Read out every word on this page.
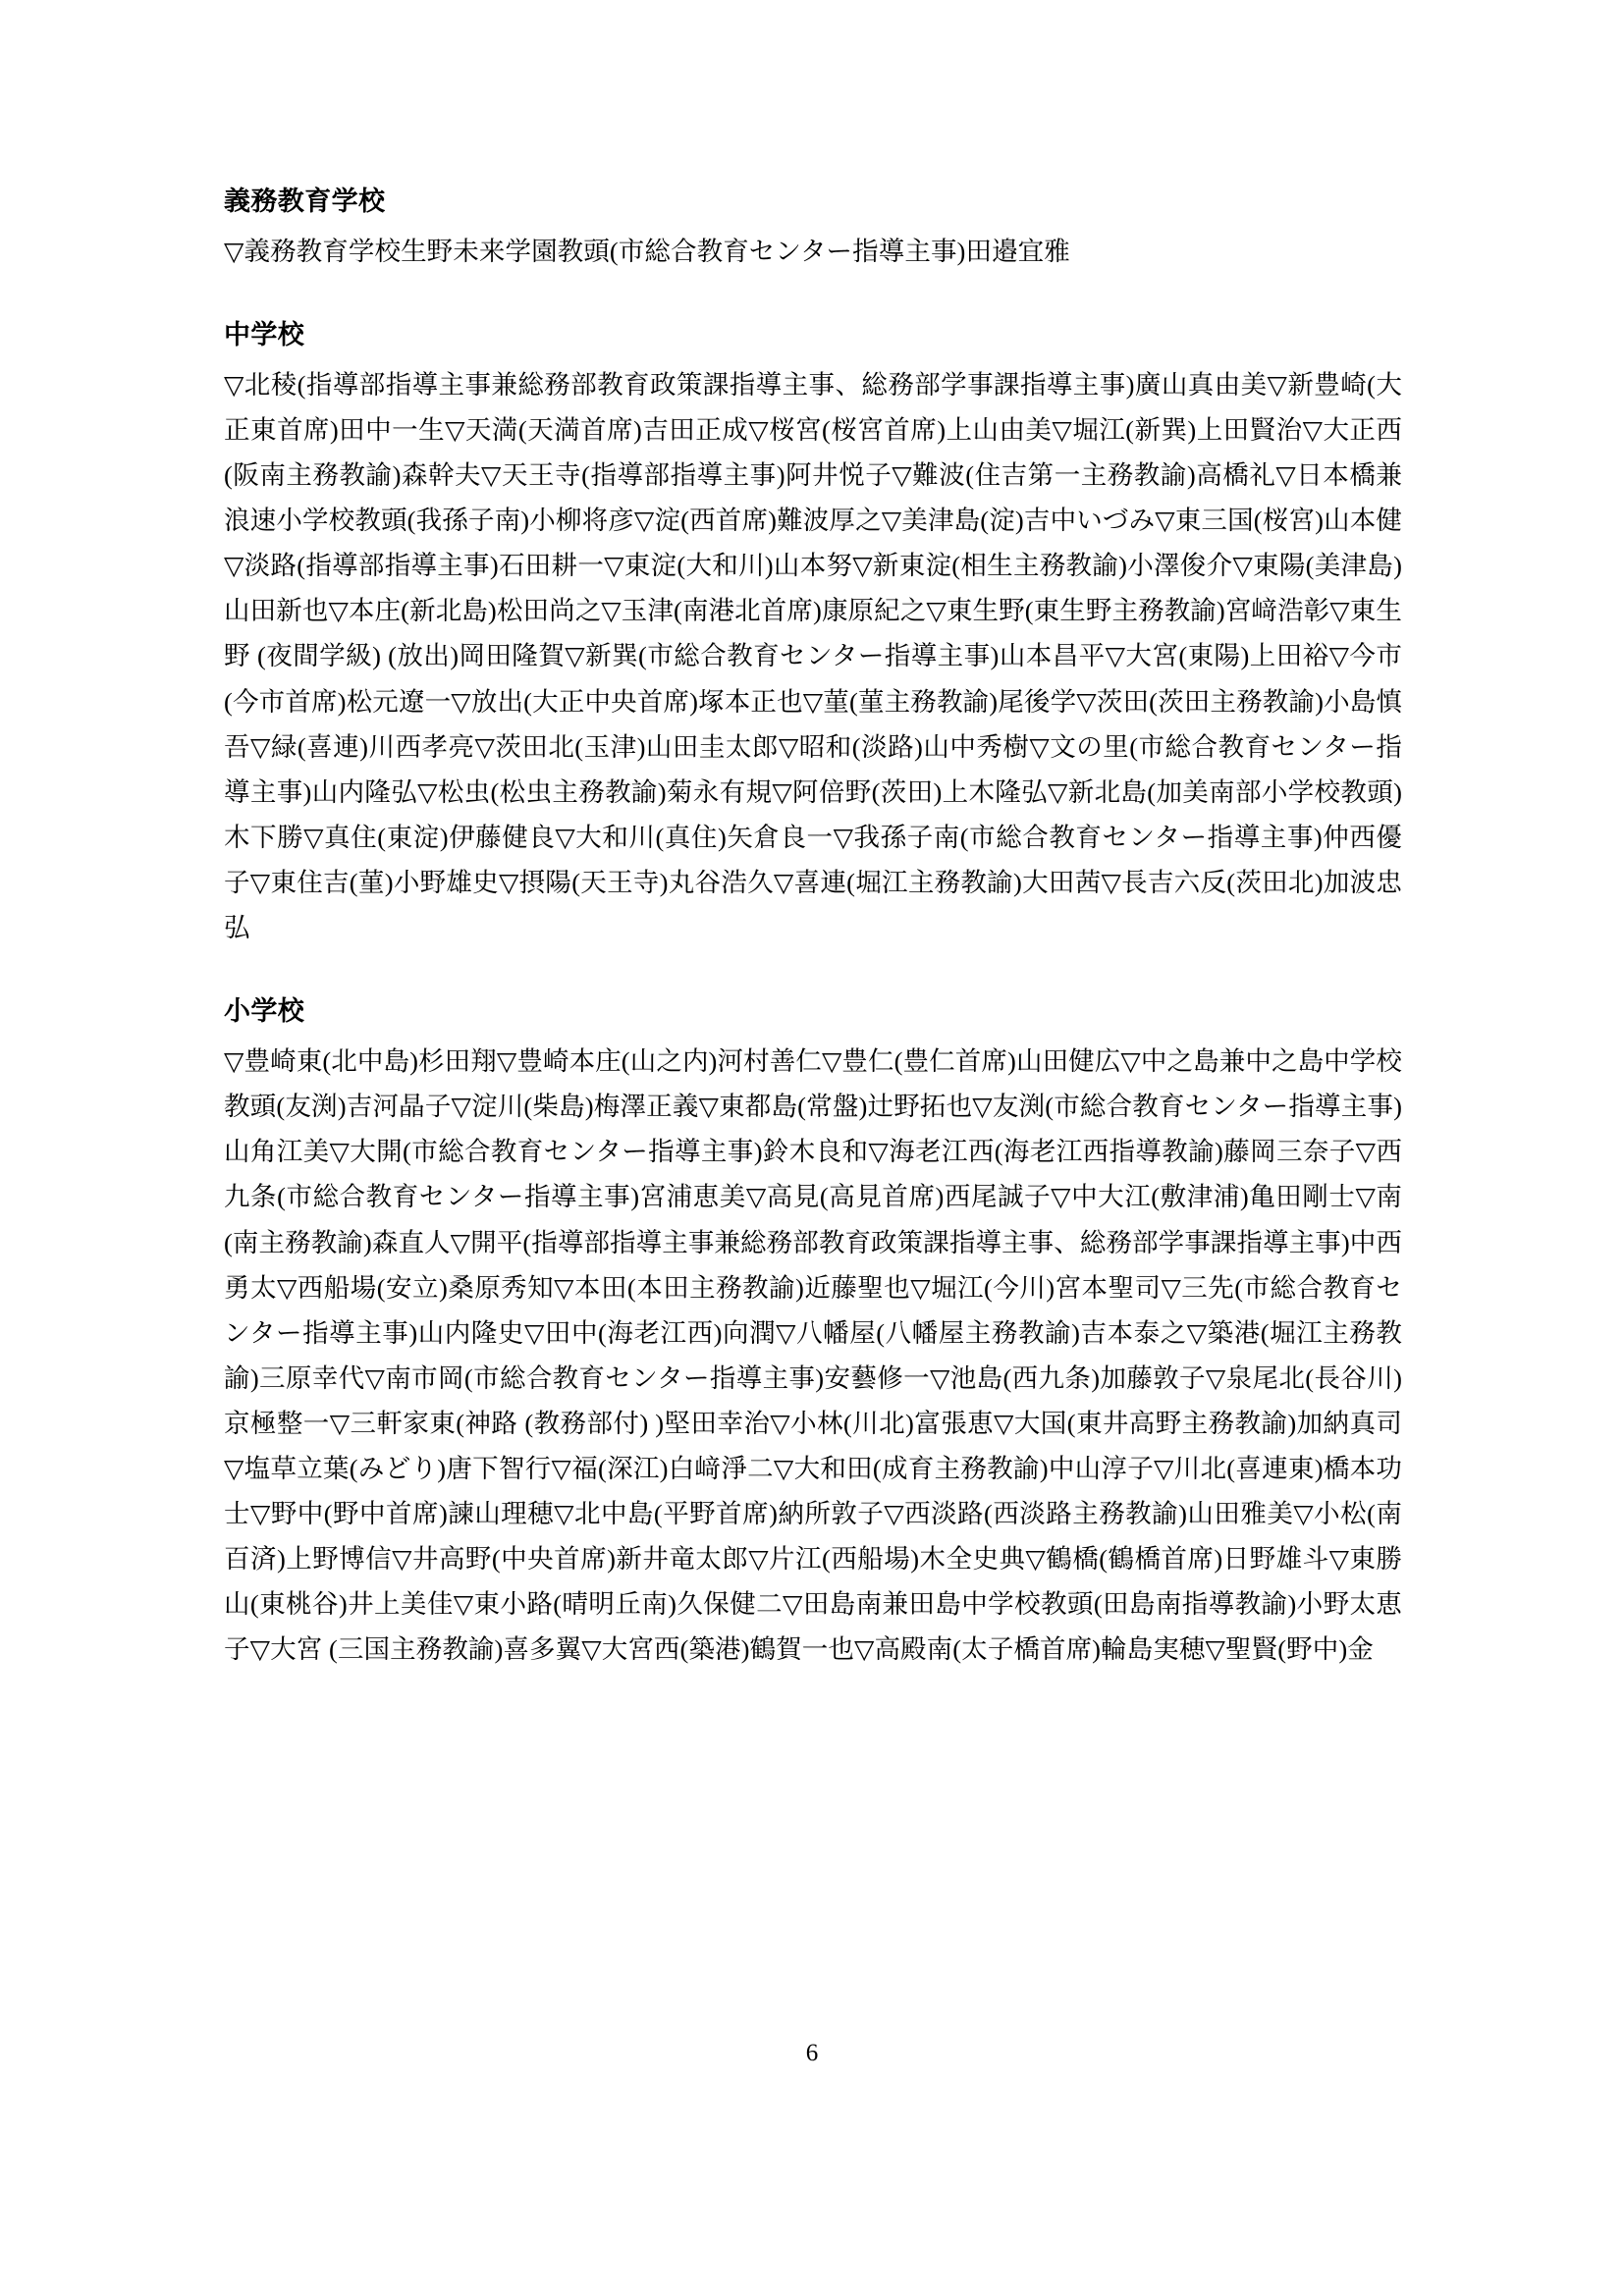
義務教育学校

▽義務教育学校生野未来学園教頭(市総合教育センター指導主事)田邉宜雅

中学校

▽北稜(指導部指導主事兼総務部教育政策課指導主事、総務部学事課指導主事)廣山真由美▽新豊崎(大正東首席)田中一生▽天満(天満首席)吉田正成▽桜宮(桜宮首席)上山由美▽堀江(新巽)上田賢治▽大正西(阪南主務教諭)森幹夫▽天王寺(指導部指導主事)阿井悦子▽難波(住吉第一主務教諭)高橋礼▽日本橋兼浪速小学校教頭(我孫子南)小柳将彦▽淀(西首席)難波厚之▽美津島(淀)吉中いづみ▽東三国(桜宮)山本健▽淡路(指導部指導主事)石田耕一▽東淀(大和川)山本努▽新東淀(相生主務教諭)小澤俊介▽東陽(美津島)山田新也▽本庄(新北島)松田尚之▽玉津(南港北首席)康原紀之▽東生野(東生野主務教諭)宮﨑浩彰▽東生野 (夜間学級) (放出)岡田隆賀▽新巽(市総合教育センター指導主事)山本昌平▽大宮(東陽)上田裕▽今市(今市首席)松元遼一▽放出(大正中央首席)塚本正也▽菫(菫主務教諭)尾後学▽茨田(茨田主務教諭)小島慎吾▽緑(喜連)川西孝亮▽茨田北(玉津)山田圭太郎▽昭和(淡路)山中秀樹▽文の里(市総合教育センター指導主事)山内隆弘▽松虫(松虫主務教諭)菊永有規▽阿倍野(茨田)上木隆弘▽新北島(加美南部小学校教頭)木下勝▽真住(東淀)伊藤健良▽大和川(真住)矢倉良一▽我孫子南(市総合教育センター指導主事)仲西優子▽東住吉(菫)小野雄史▽摂陽(天王寺)丸谷浩久▽喜連(堀江主務教諭)大田茜▽長吉六反(茨田北)加波忠弘

小学校

▽豊崎東(北中島)杉田翔▽豊崎本庄(山之内)河村善仁▽豊仁(豊仁首席)山田健広▽中之島兼中之島中学校教頭(友渕)吉河晶子▽淀川(柴島)梅澤正義▽東都島(常盤)辻野拓也▽友渕(市総合教育センター指導主事)山角江美▽大開(市総合教育センター指導主事)鈴木良和▽海老江西(海老江西指導教諭)藤岡三奈子▽西九条(市総合教育センター指導主事)宮浦恵美▽高見(高見首席)西尾誠子▽中大江(敷津浦)亀田剛士▽南(南主務教諭)森直人▽開平(指導部指導主事兼総務部教育政策課指導主事、総務部学事課指導主事)中西勇太▽西船場(安立)桑原秀知▽本田(本田主務教諭)近藤聖也▽堀江(今川)宮本聖司▽三先(市総合教育センター指導主事)山内隆史▽田中(海老江西)向潤▽八幡屋(八幡屋主務教諭)吉本泰之▽築港(堀江主務教諭)三原幸代▽南市岡(市総合教育センター指導主事)安藝修一▽池島(西九条)加藤敦子▽泉尾北(長谷川)京極整一▽三軒家東(神路 (教務部付) )堅田幸治▽小林(川北)富張恵▽大国(東井高野主務教諭)加納真司▽塩草立葉(みどり)唐下智行▽福(深江)白﨑淨二▽大和田(成育主務教諭)中山淳子▽川北(喜連東)橋本功士▽野中(野中首席)諫山理穂▽北中島(平野首席)納所敦子▽西淡路(西淡路主務教諭)山田雅美▽小松(南百済)上野博信▽井高野(中央首席)新井竜太郎▽片江(西船場)木全史典▽鶴橋(鶴橋首席)日野雄斗▽東勝山(東桃谷)井上美佳▽東小路(晴明丘南)久保健二▽田島南兼田島中学校教頭(田島南指導教諭)小野太恵子▽大宮 (三国主務教諭)喜多翼▽大宮西(築港)鶴賀一也▽高殿南(太子橋首席)輪島実穂▽聖賢(野中)金

6
